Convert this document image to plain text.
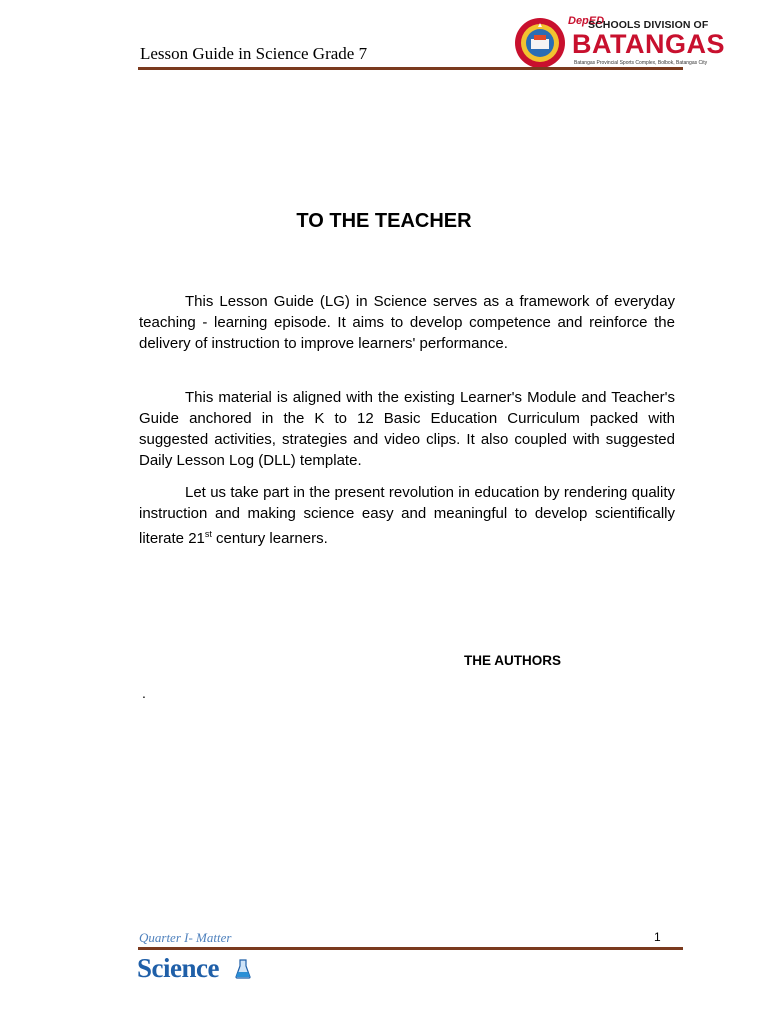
Lesson Guide in Science Grade 7
DepED
SCHOOLS DIVISION OF
BATANGAS
Batangas Provincial Sports Complex, Bolbok, Batangas City
TO THE TEACHER

This Lesson Guide (LG) in Science serves as a framework of everyday teaching - learning episode. It aims to develop competence and reinforce the delivery of instruction to improve learners' performance.

This material is aligned with the existing Learner's Module and Teacher's Guide anchored in the K to 12 Basic Education Curriculum packed with suggested activities, strategies and video clips. It also coupled with suggested Daily Lesson Log (DLL) template.

Let us take part in the present revolution in education by rendering quality instruction and making science easy and meaningful to develop scientifically literate 21st century learners.

THE AUTHORS
.
Quarter I- Matter	1
Science
